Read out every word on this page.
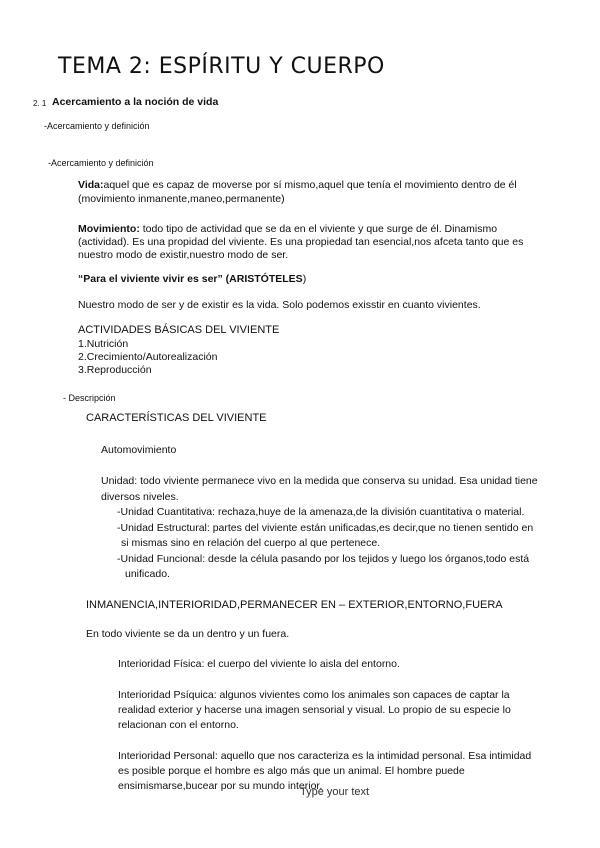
TEMA 2: ESPÍRITU Y CUERPO
2. 1 Acercamiento a la noción de vida
-Acercamiento y definición
-Acercamiento y definición
Vida:aquel que es capaz de moverse por sí mismo,aquel que tenía el movimiento dentro de él
(movimiento inmanente,maneo,permanente)
Movimiento: todo tipo de actividad que se da en el viviente y que surge de él. Dinamismo
(actividad). Es una propidad del viviente. Es una propiedad tan esencial,nos afceta tanto que es
nuestro modo de existir,nuestro modo de ser.
“Para el viviente vivir es ser” (ARISTÓTELES)
Nuestro modo de ser y de existir es la vida. Solo podemos exisstir en cuanto vivientes.
ACTIVIDADES BÁSICAS DEL VIVIENTE
1.Nutrición
2.Crecimiento/Autorealización
3.Reproducción
- Descripción
CARACTERÍSTICAS DEL VIVIENTE
Automovimiento
Unidad: todo viviente permanece vivo en la medida que conserva su unidad. Esa unidad tiene
diversos niveles.
-Unidad Cuantitativa: rechaza,huye de la amenaza,de la división cuantitativa o material.
-Unidad Estructural: partes del viviente están unificadas,es decir,que no tienen sentido en
si mismas sino en relación del cuerpo al que pertenece.
-Unidad Funcional: desde la célula pasando por los tejidos y luego los órganos,todo está
unificado.
INMANENCIA,INTERIORIDAD,PERMANECER EN – EXTERIOR,ENTORNO,FUERA
En todo viviente se da un dentro y un fuera.
Interioridad Física: el cuerpo del viviente lo aisla del entorno.
Interioridad Psíquica: algunos vivientes como los animales son capaces de captar la
realidad exterior y hacerse una imagen sensorial y visual. Lo propio de su especie lo
relacionan con el entorno.
Interioridad Personal: aquello que nos caracteriza es la intimidad personal. Esa intimidad
es posible porque el hombre es algo más que un animal. El hombre puede
ensimismarse,bucear por su mundo interior.
Type your text
